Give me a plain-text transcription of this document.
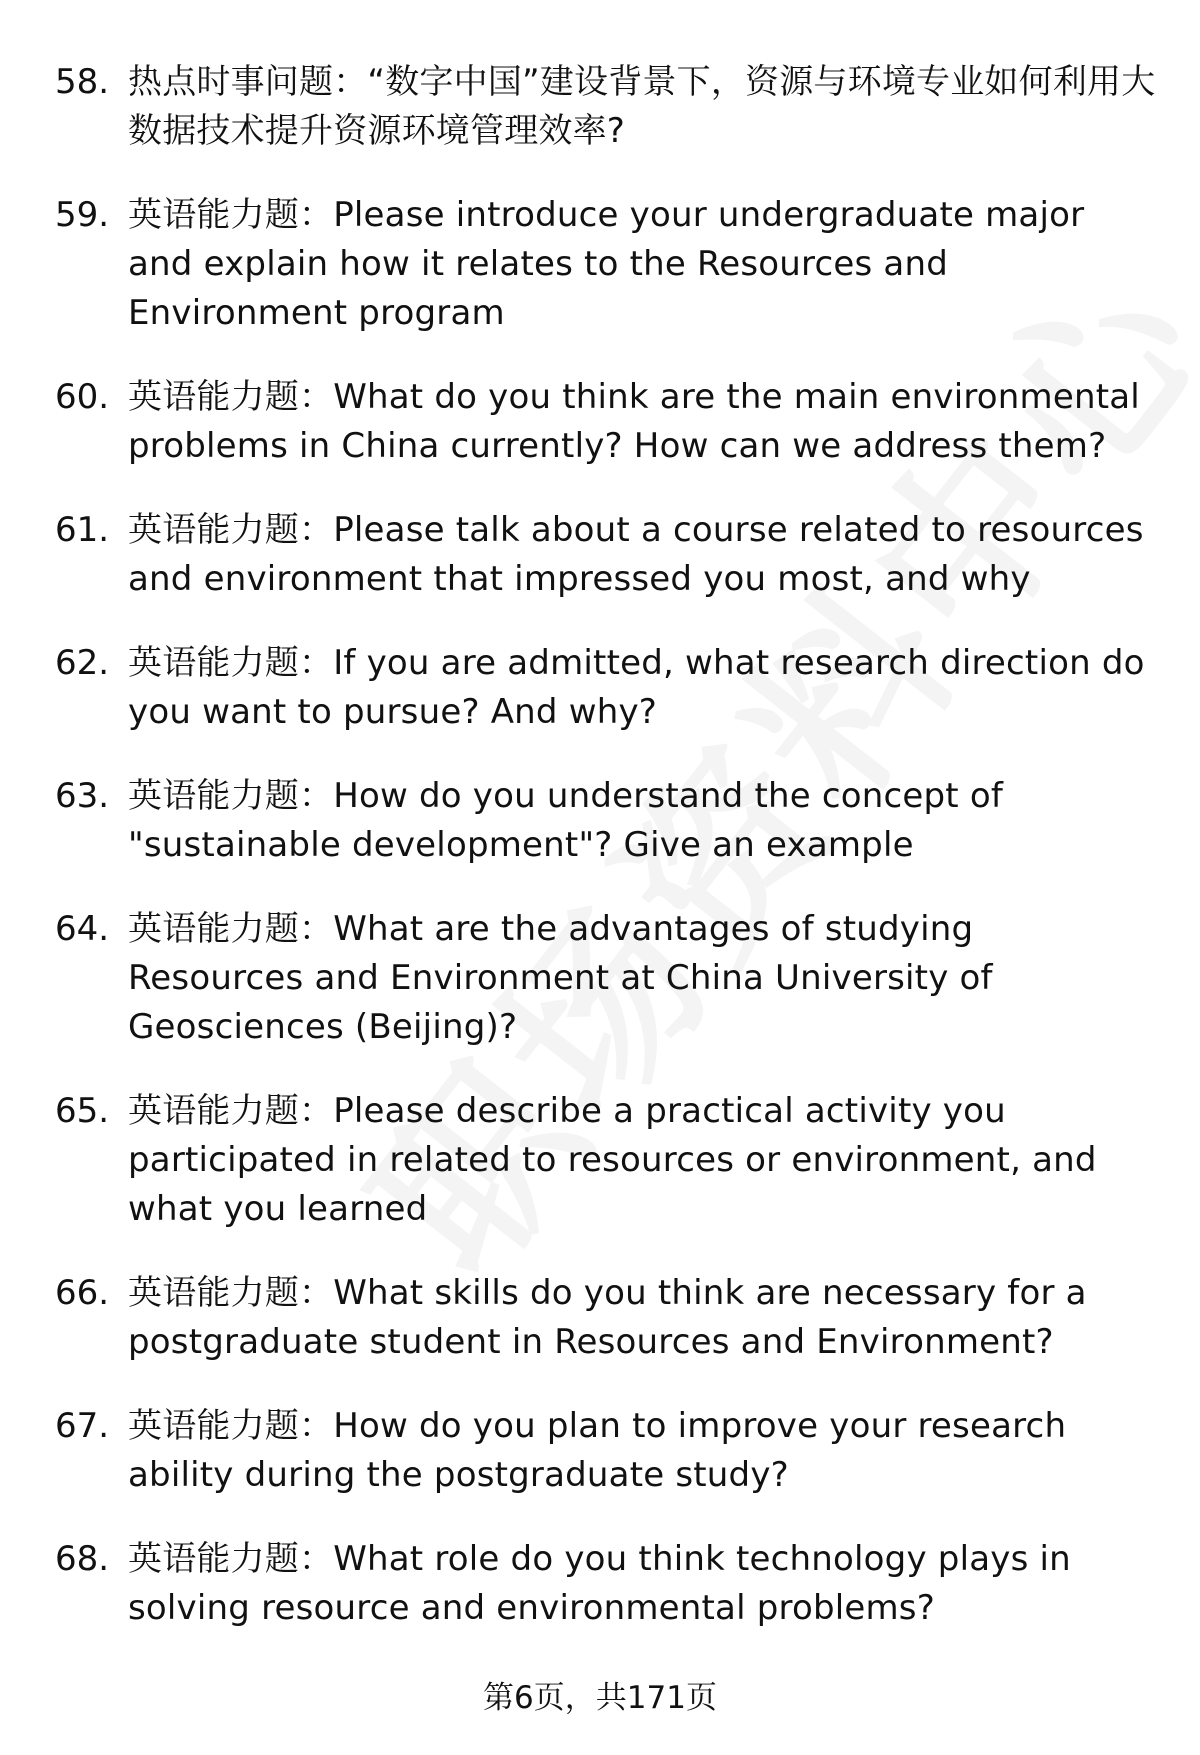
58. 热点时事问题：“数字中国”建设背景下，资源与环境专业如何利用大数据技术提升资源环境管理效率?
59. 英语能力题：Please introduce your undergraduate major and explain how it relates to the Resources and Environment program
60. 英语能力题：What do you think are the main environmental problems in China currently? How can we address them?
61. 英语能力题：Please talk about a course related to resources and environment that impressed you most, and why
62. 英语能力题：If you are admitted, what research direction do you want to pursue? And why?
63. 英语能力题：How do you understand the concept of "sustainable development"? Give an example
64. 英语能力题：What are the advantages of studying Resources and Environment at China University of Geosciences (Beijing)?
65. 英语能力题：Please describe a practical activity you participated in related to resources or environment, and what you learned
66. 英语能力题：What skills do you think are necessary for a postgraduate student in Resources and Environment?
67. 英语能力题：How do you plan to improve your research ability during the postgraduate study?
68. 英语能力题：What role do you think technology plays in solving resource and environmental problems?
第6页，共171页
